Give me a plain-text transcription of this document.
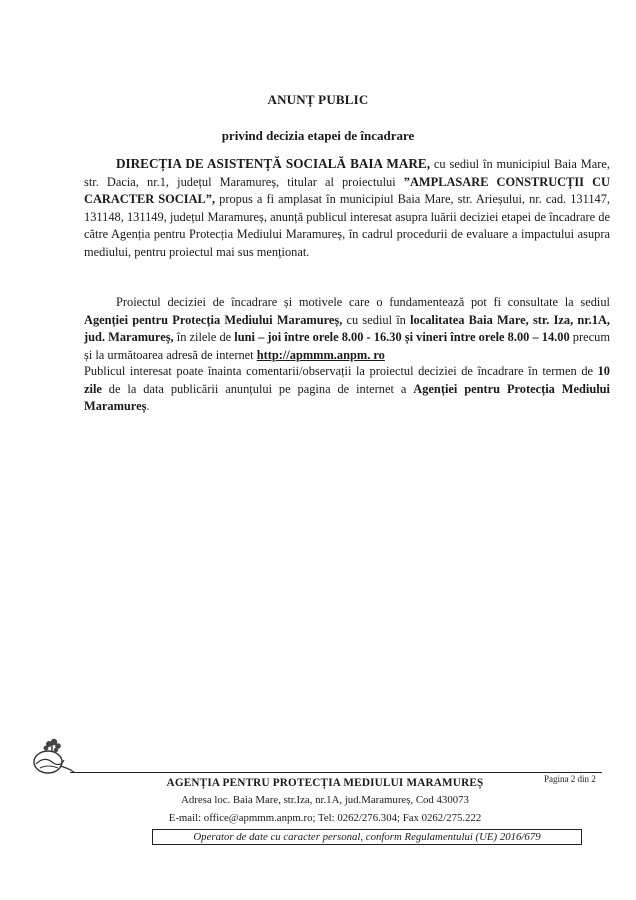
ANUNȚ PUBLIC

privind decizia etapei de încadrare

DIRECȚIA DE ASISTENȚĂ SOCIALĂ BAIA MARE, cu sediul în municipiul Baia Mare, str. Dacia, nr.1, județul Maramureș, titular al proiectului ”AMPLASARE CONSTRUCȚII CU CARACTER SOCIAL”, propus a fi amplasat în municipiul Baia Mare, str. Arieșului, nr. cad. 131147, 131148, 131149, județul Maramureș, anunță publicul interesat asupra luării deciziei etapei de încadrare de către Agenția pentru Protecția Mediului Maramureș, în cadrul procedurii de evaluare a impactului asupra mediului, pentru proiectul mai sus menționat.

Proiectul deciziei de încadrare și motivele care o fundamentează pot fi consultate la sediul Agenției pentru Protecția Mediului Maramureș, cu sediul în localitatea Baia Mare, str. Iza, nr.1A, jud. Maramureș, în zilele de luni – joi între orele 8.00 - 16.30 și vineri între orele 8.00 – 14.00 precum și la următoarea adresă de internet http://apmmm.anpm. ro

Publicul interesat poate înainta comentarii/observații la proiectul deciziei de încadrare în termen de 10 zile de la data publicării anunțului pe pagina de internet a Agenției pentru Protecția Mediului Maramureș.

AGENȚIA PENTRU PROTECȚIA MEDIULUI MARAMUREȘ	Pagina 2 din 2

Adresa loc. Baia Mare, str.Iza, nr.1A, jud.Maramureș, Cod 430073

E-mail: office@apmmm.anpm.ro; Tel: 0262/276.304; Fax 0262/275.222

Operator de date cu caracter personal, conform Regulamentului (UE) 2016/679
